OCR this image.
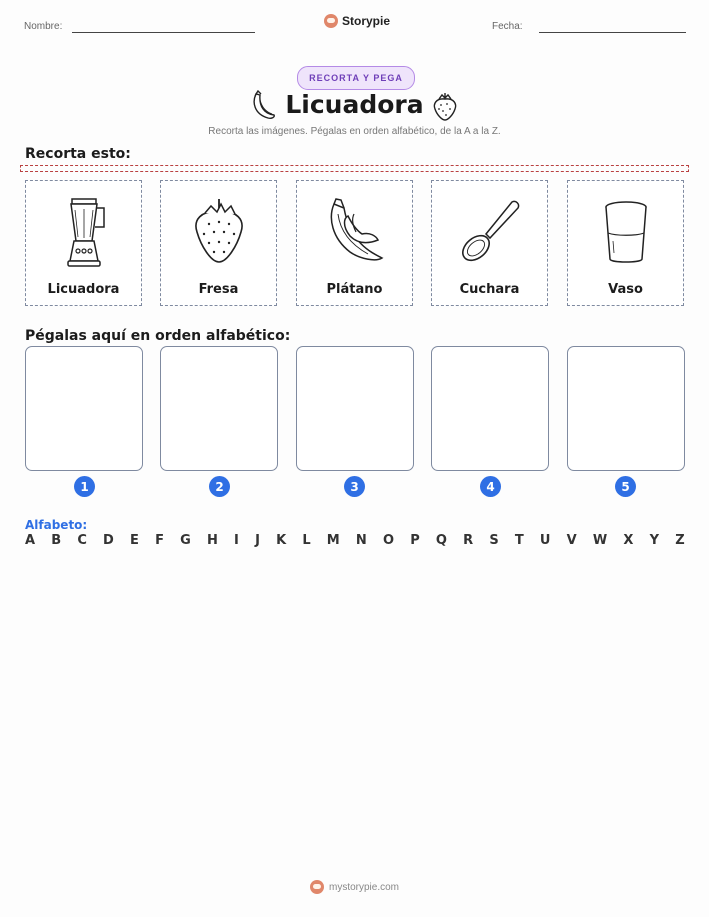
Nombre:	Storypie	Fecha:
RECORTA Y PEGA
Licuadora
Recorta las imágenes. Pégalas en orden alfabético, de la A a la Z.
Recorta esto:
Licuadora	Fresa	Plátano	Cuchara	Vaso
Pégalas aquí en orden alfabético:
1	2	3	4	5
Alfabeto:
A B C D E F G H I J K L M N O P Q R S T U V W X Y Z
mystorypie.com
